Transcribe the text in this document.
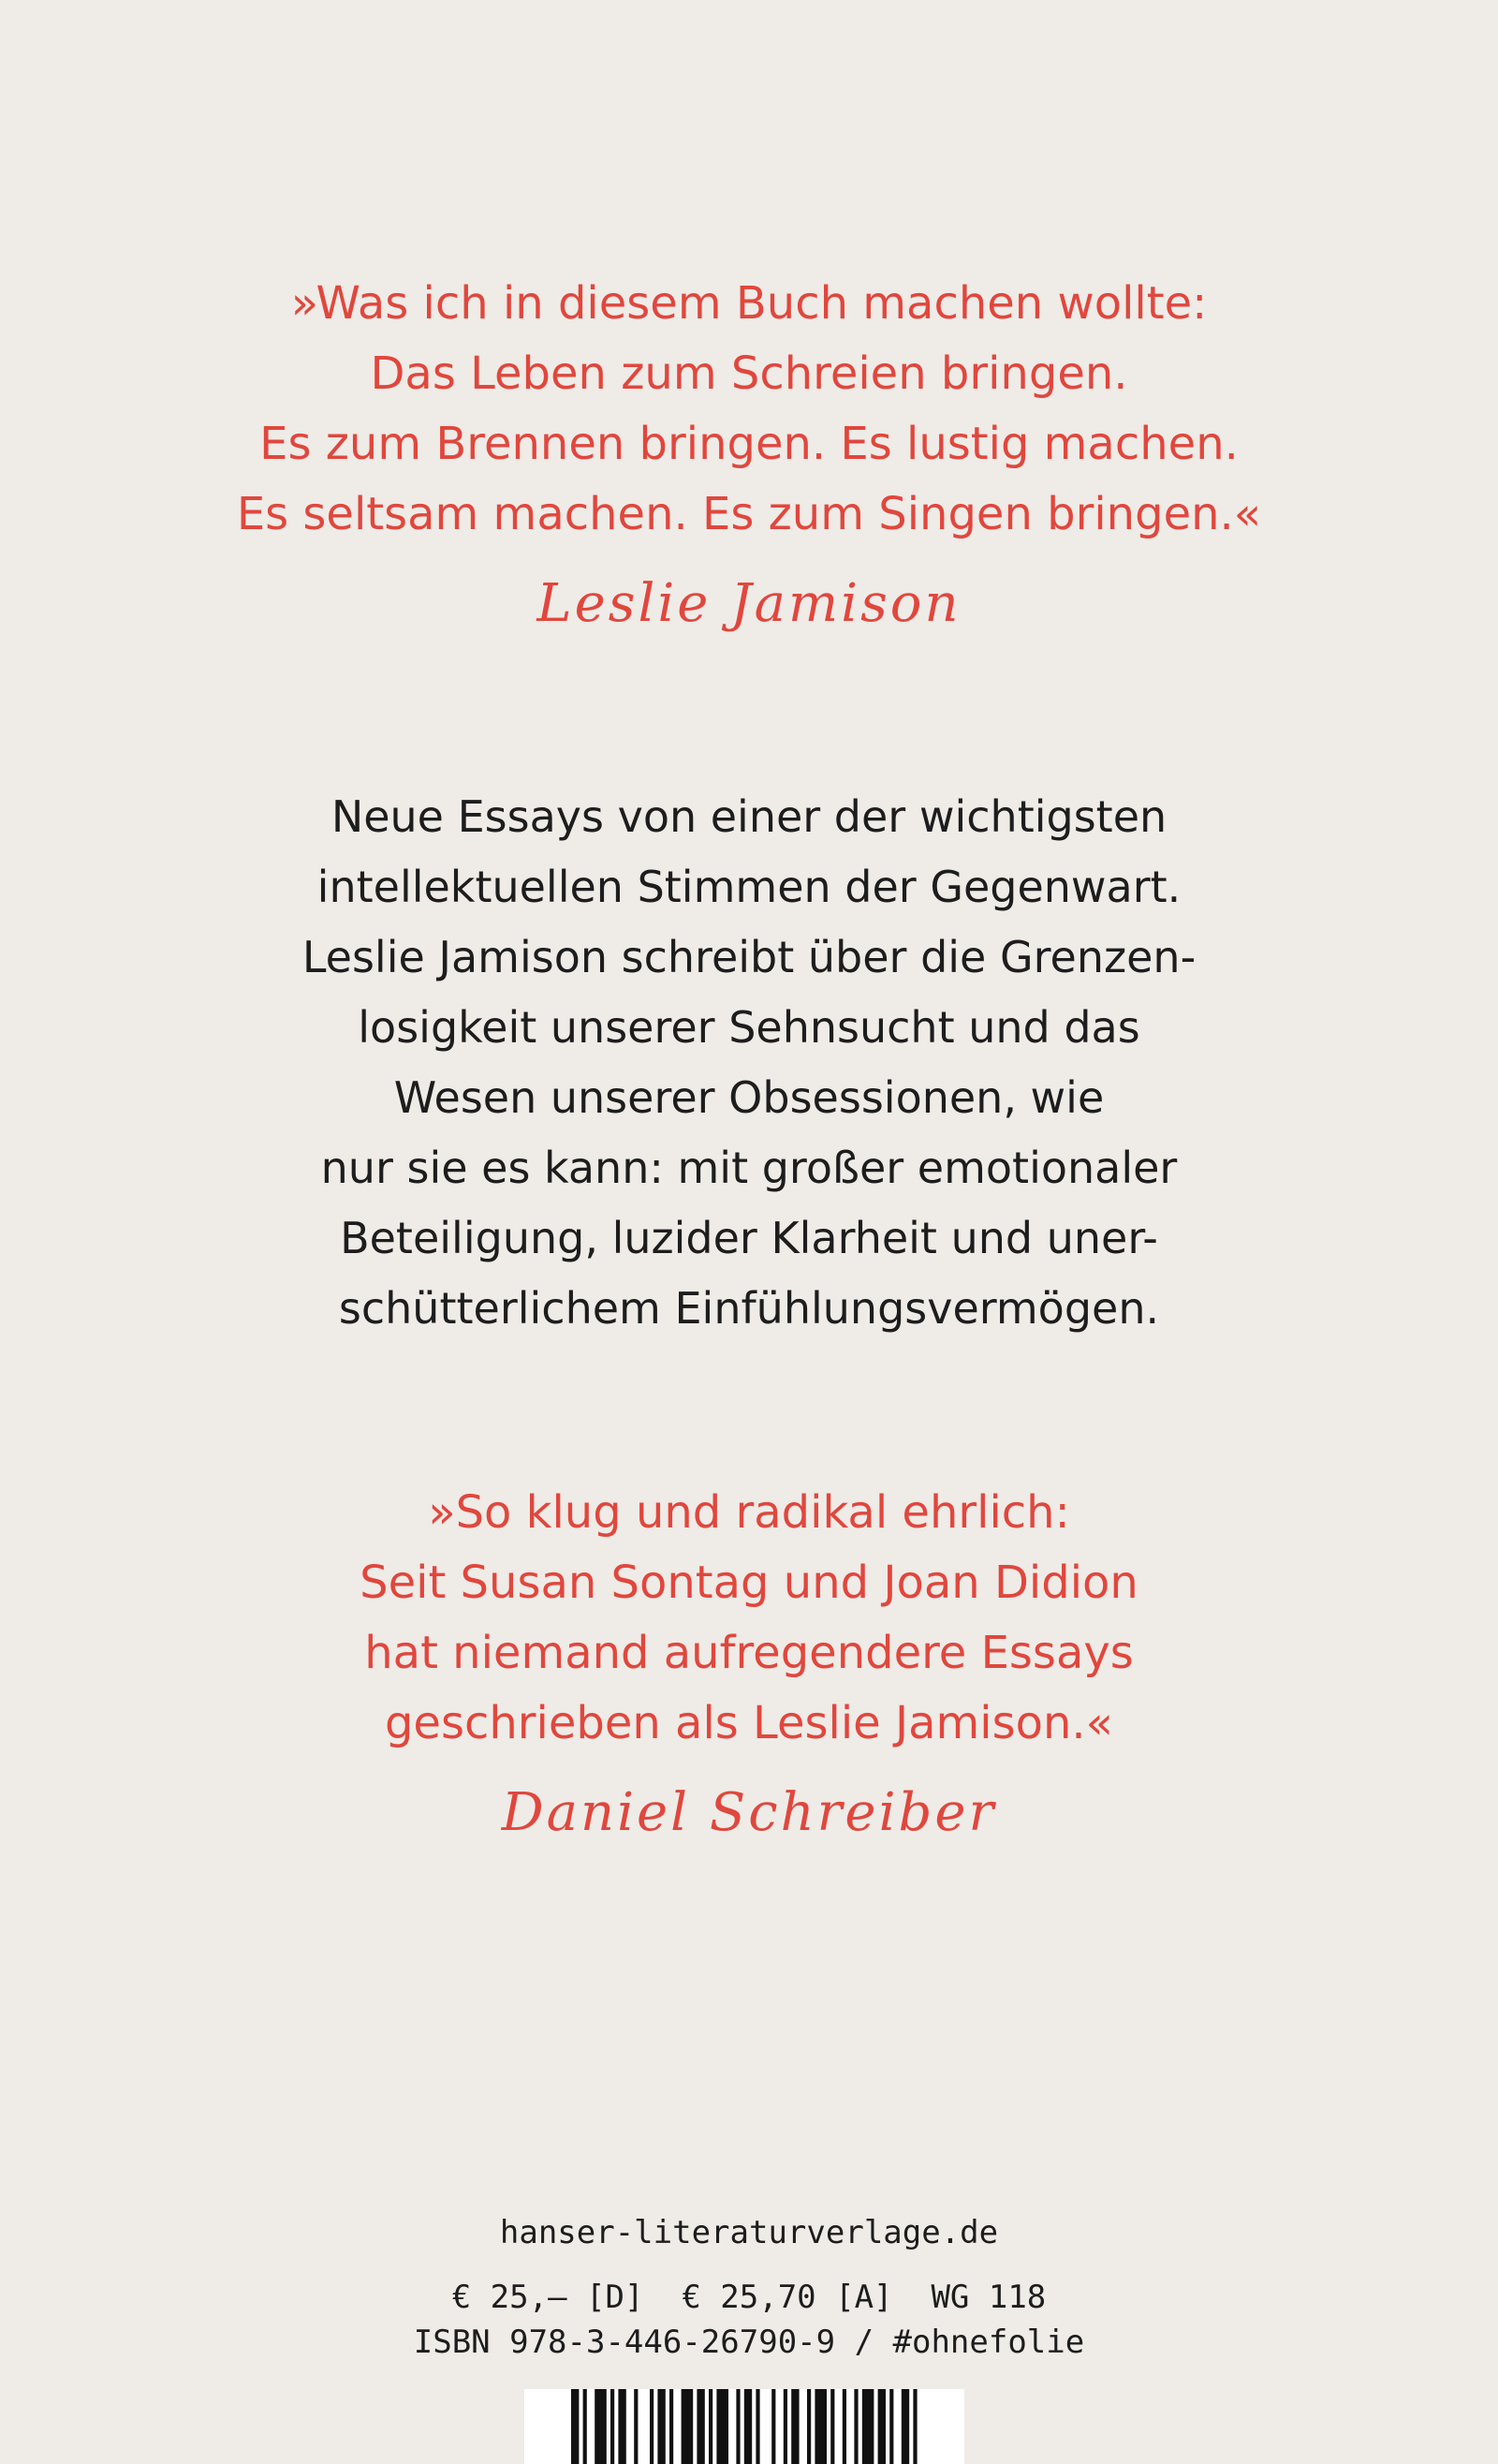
»Was ich in diesem Buch machen wollte:
Das Leben zum Schreien bringen.
Es zum Brennen bringen. Es lustig machen.
Es seltsam machen. Es zum Singen bringen.«
Leslie Jamison
Neue Essays von einer der wichtigsten
intellektuellen Stimmen der Gegenwart.
Leslie Jamison schreibt über die Grenzen-
losigkeit unserer Sehnsucht und das
Wesen unserer Obsessionen, wie
nur sie es kann: mit großer emotionaler
Beteiligung, luzider Klarheit und uner-
schütterlichem Einfühlungsvermögen.
»So klug und radikal ehrlich:
Seit Susan Sontag und Joan Didion
hat niemand aufregendere Essays
geschrieben als Leslie Jamison.«
Daniel Schreiber
hanser-literaturverlage.de
€ 25,– [D]  € 25,70 [A]  WG 118
ISBN 978-3-446-26790-9 / #ohnefolie
